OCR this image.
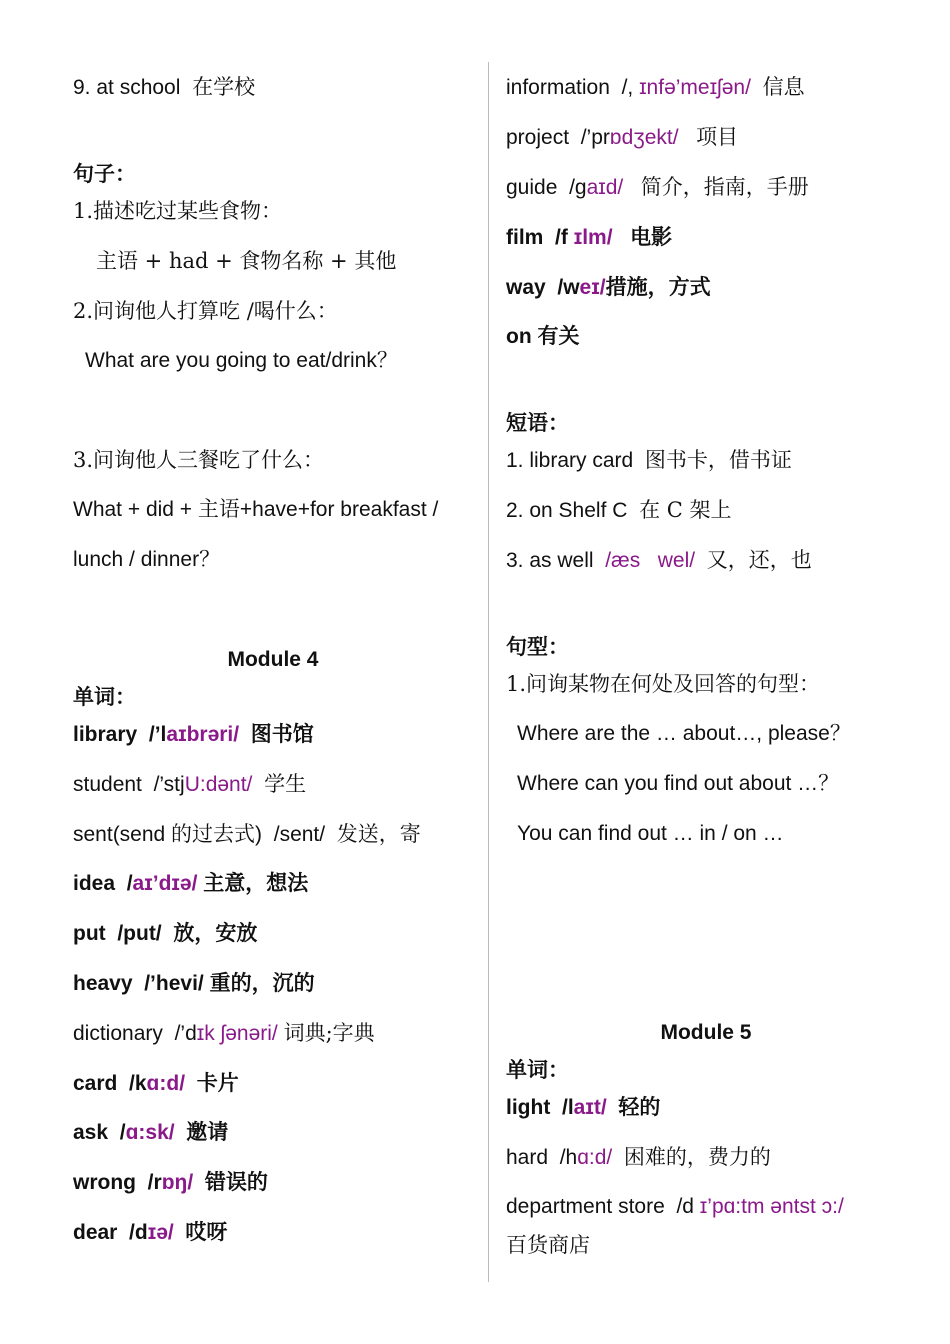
9. at school 在学校
句子：
1.描述吃过某些食物：
主语 + had + 食物名称 + 其他
2.问询他人打算吃 /喝什么：
What are you going to eat/drink？
3.问询他人三餐吃了什么：
What + did + 主语+have+for breakfast /
lunch / dinner？
Module 4
单词：
library /’laɪbrəri/ 图书馆
student /’stjU:dənt/ 学生
sent(send 的过去式) /sent/ 发送，寄
idea /aɪ’dɪə/ 主意，想法
put /put/ 放，安放
heavy /’hevi/ 重的，沉的
dictionary /’dɪk ʃənəri/ 词典;字典
card /kɑ:d/ 卡片
ask /ɑ:sk/ 邀请
wrong /rɒŋ/ 错误的
dear /dɪə/ 哎呀
information /, ɪnfə’meɪʃən/ 信息
project /’prɒdʒekt/ 项目
guide /gaɪd/ 简介，指南，手册
film /f ɪlm/ 电影
way /weɪ/措施，方式
on 有关
短语：
1. library card 图书卡，借书证
2. on Shelf C 在 C 架上
3. as well /æs   wel/ 又，还，也
句型：
1.问询某物在何处及回答的句型：
Where are the … about…, please？
Where can you find out about …？
You can find out … in / on …
Module 5
单词：
light /laɪt/ 轻的
hard /hɑ:d/ 困难的，费力的
department store /d ɪ’pɑ:tm əntst ɔ:/
百货商店
